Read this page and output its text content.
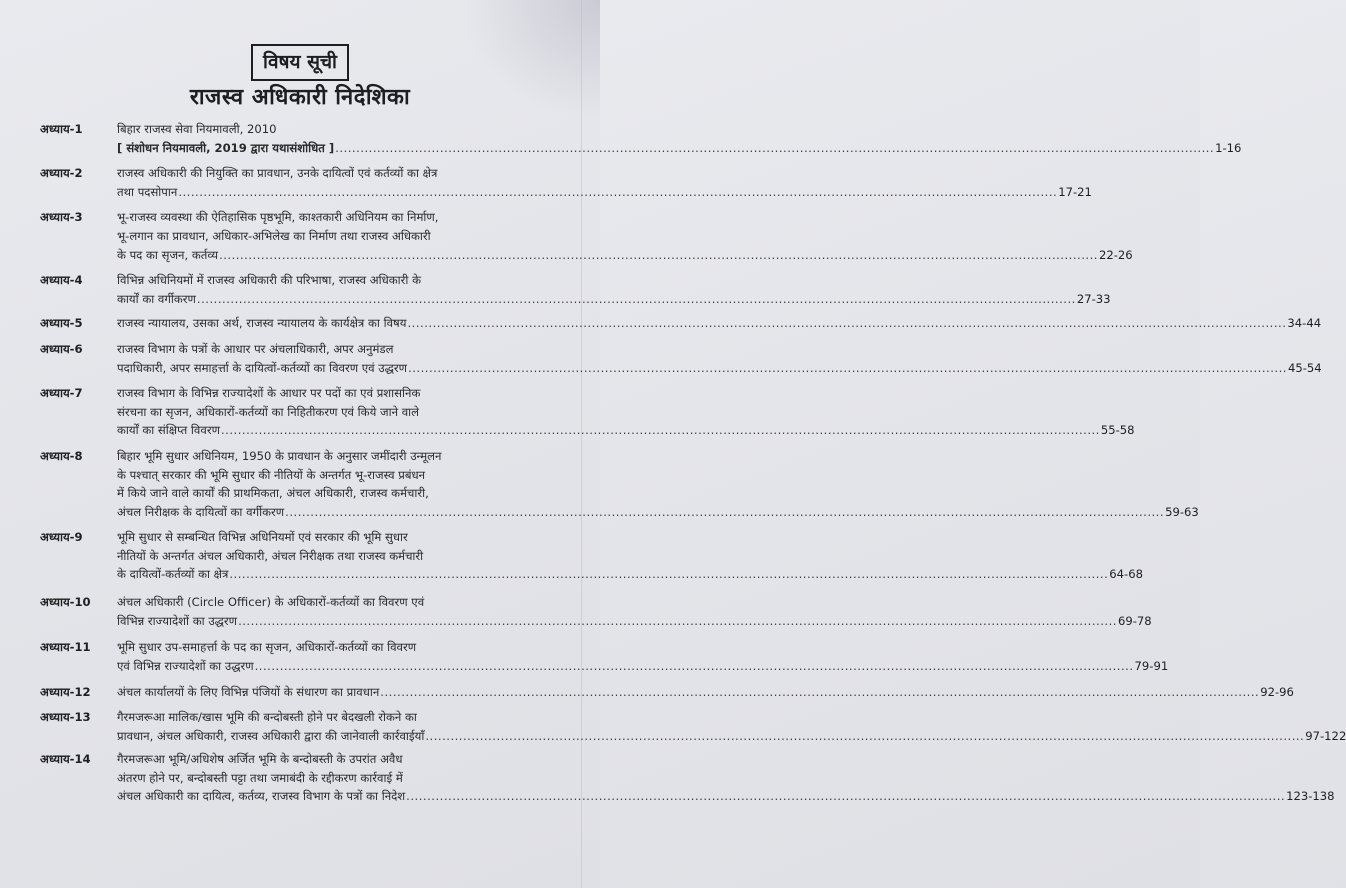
विषय सूची
राजस्व अधिकारी निदेशिका
अध्याय-1	बिहार राजस्व सेवा नियमावली, 2010
[ संशोधन नियमावली, 2019 द्वारा यथासंशोधित ] .....	1-16
अध्याय-2	राजस्व अधिकारी की नियुक्ति का प्रावधान, उनके दायित्वों एवं कर्तव्यों का क्षेत्र
तथा पदसोपान .....	17-21
अध्याय-3	भू-राजस्व व्यवस्था की ऐतिहासिक पृष्ठभूमि, काश्तकारी अधिनियम का निर्माण,
भू-लगान का प्रावधान, अधिकार-अभिलेख का निर्माण तथा राजस्व अधिकारी
के पद का सृजन, कर्तव्य .....	22-26
अध्याय-4	विभिन्न अधिनियमों में राजस्व अधिकारी की परिभाषा, राजस्व अधिकारी के
कार्यों का वर्गीकरण .....	27-33
अध्याय-5	राजस्व न्यायालय, उसका अर्थ, राजस्व न्यायालय के कार्यक्षेत्र का विषय .....	34-44
अध्याय-6	राजस्व विभाग के पत्रों के आधार पर अंचलाधिकारी, अपर अनुमंडल
पदाधिकारी, अपर समाहर्त्ता के दायित्वों-कर्तव्यों का विवरण एवं उद्धरण .....	45-54
अध्याय-7	राजस्व विभाग के विभिन्न राज्यादेशों के आधार पर पदों का एवं प्रशासनिक
संरचना का सृजन, अधिकारों-कर्तव्यों का निहितीकरण एवं किये जाने वाले
कार्यों का संक्षिप्त विवरण .....	55-58
अध्याय-8	बिहार भूमि सुधार अधिनियम, 1950 के प्रावधान के अनुसार जमींदारी उन्मूलन
के पश्चात् सरकार की भूमि सुधार की नीतियों के अन्तर्गत भू-राजस्व प्रबंधन
में किये जाने वाले कार्यों की प्राथमिकता, अंचल अधिकारी, राजस्व कर्मचारी,
अंचल निरीक्षक के दायित्वों का वर्गीकरण .....	59-63
अध्याय-9	भूमि सुधार से सम्बन्धित विभिन्न अधिनियमों एवं सरकार की भूमि सुधार
नीतियों के अन्तर्गत अंचल अधिकारी, अंचल निरीक्षक तथा राजस्व कर्मचारी
के दायित्वों-कर्तव्यों का क्षेत्र .....	64-68
अध्याय-10	अंचल अधिकारी (Circle Officer) के अधिकारों-कर्तव्यों का विवरण एवं
विभिन्न राज्यादेशों का उद्धरण .....	69-78
अध्याय-11	भूमि सुधार उप-समाहर्त्ता के पद का सृजन, अधिकारों-कर्तव्यों का विवरण
एवं विभिन्न राज्यादेशों का उद्धरण .....	79-91
अध्याय-12	अंचल कार्यालयों के लिए विभिन्न पंजियों के संधारण का प्रावधान .....	92-96
अध्याय-13	गैरमजरूआ मालिक/खास भूमि की बन्दोबस्ती होने पर बेदखली रोकने का
प्रावधान, अंचल अधिकारी, राजस्व अधिकारी द्वारा की जानेवाली कार्रवाईयाँ .....	97-122
अध्याय-14	गैरमजरूआ भूमि/अधिशेष अर्जित भूमि के बन्दोबस्ती के उपरांत अवैध
अंतरण होने पर, बन्दोबस्ती पट्टा तथा जमाबंदी के रद्दीकरण कार्रवाई में
अंचल अधिकारी का दायित्व, कर्तव्य, राजस्व विभाग के पत्रों का निदेश .....	123-138
